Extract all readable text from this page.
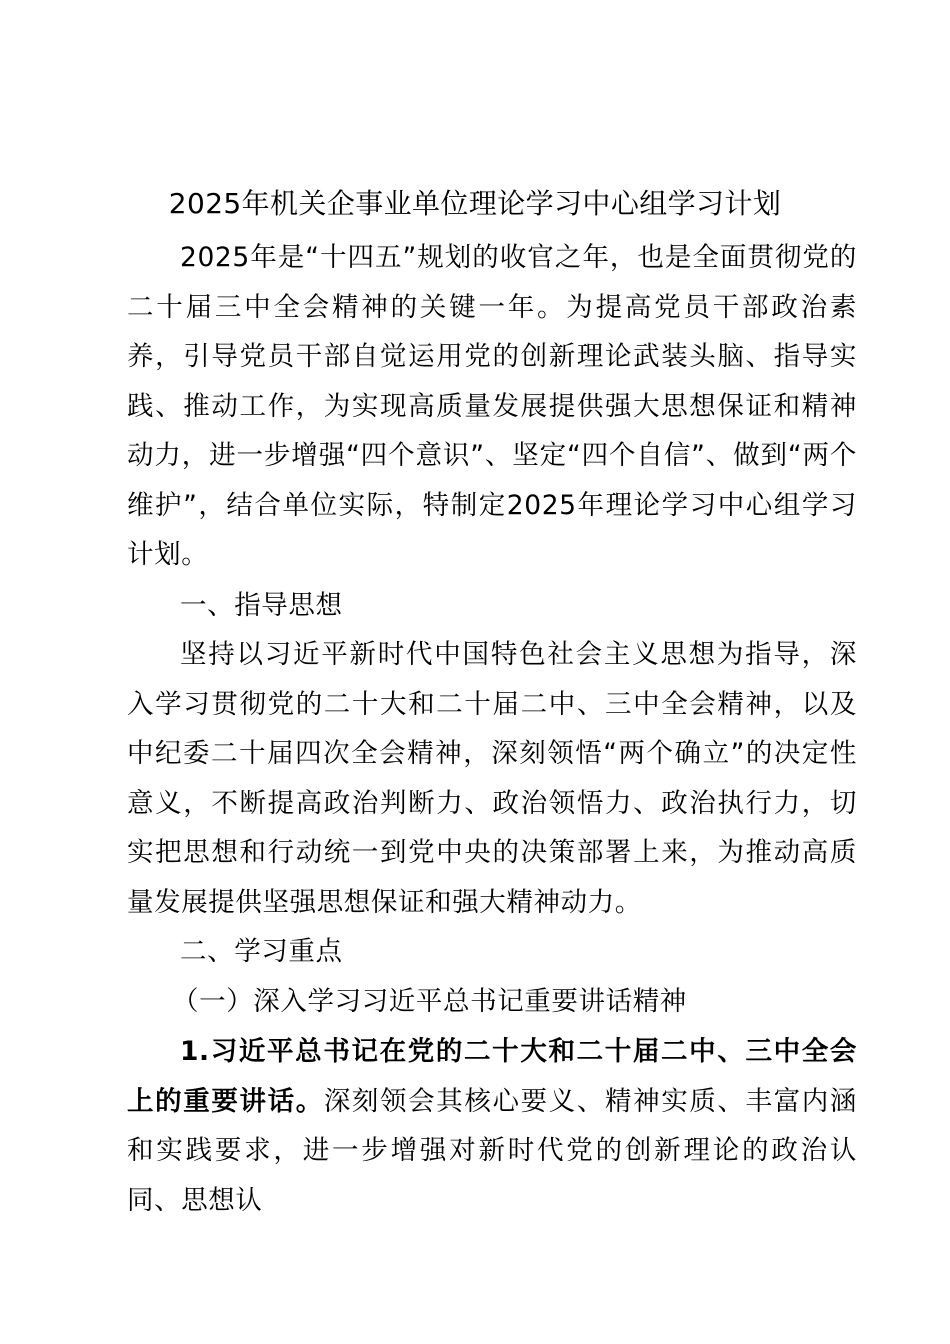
2025年机关企事业单位理论学习中心组学习计划

2025年是“十四五”规划的收官之年，也是全面贯彻党的二十届三中全会精神的关键一年。为提高党员干部政治素养，引导党员干部自觉运用党的创新理论武装头脑、指导实践、推动工作，为实现高质量发展提供强大思想保证和精神动力，进一步增强“四个意识”、坚定“四个自信”、做到“两个维护”，结合单位实际，特制定2025年理论学习中心组学习计划。

一、指导思想

坚持以习近平新时代中国特色社会主义思想为指导，深入学习贯彻党的二十大和二十届二中、三中全会精神，以及中纪委二十届四次全会精神，深刻领悟“两个确立”的决定性意义，不断提高政治判断力、政治领悟力、政治执行力，切实把思想和行动统一到党中央的决策部署上来，为推动高质量发展提供坚强思想保证和强大精神动力。

二、学习重点

（一）深入学习习近平总书记重要讲话精神

1.习近平总书记在党的二十大和二十届二中、三中全会上的重要讲话。深刻领会其核心要义、精神实质、丰富内涵和实践要求，进一步增强对新时代党的创新理论的政治认同、思想认
